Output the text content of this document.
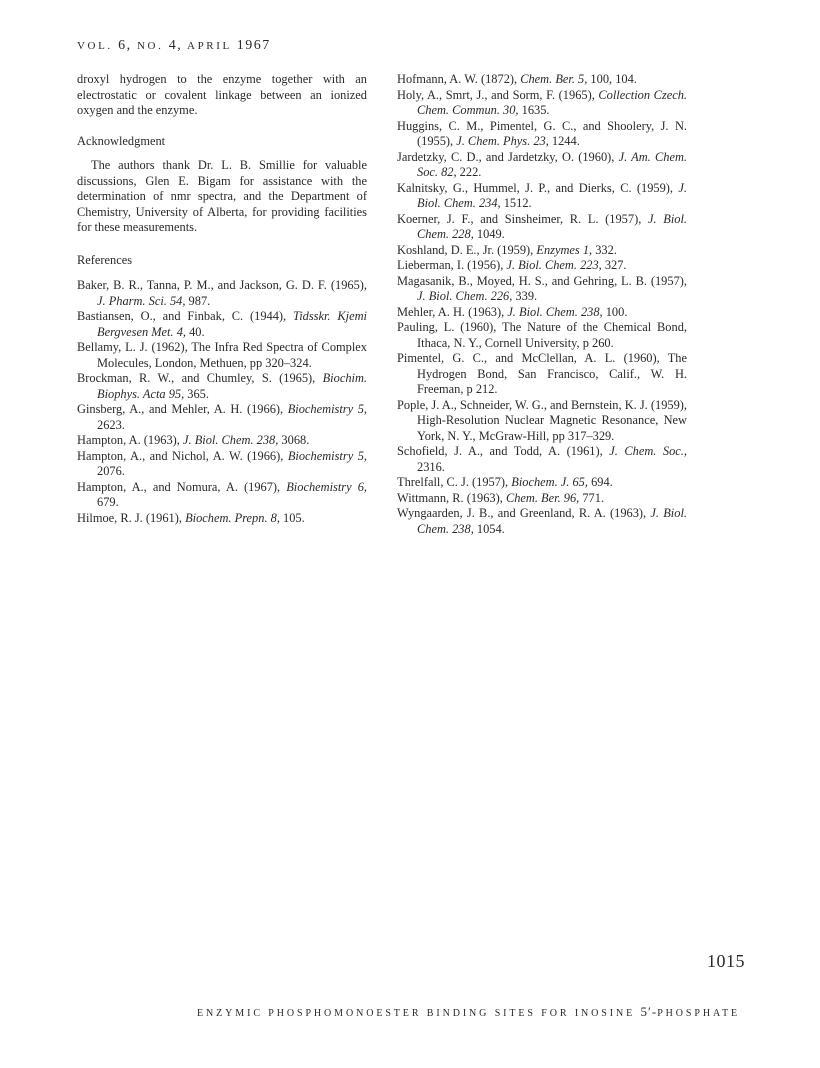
VOL. 6, NO. 4, APRIL 1967

droxyl hydrogen to the enzyme together with an electrostatic or covalent linkage between an ionized oxygen and the enzyme.

Acknowledgment

The authors thank Dr. L. B. Smillie for valuable discussions, Glen E. Bigam for assistance with the determination of nmr spectra, and the Department of Chemistry, University of Alberta, for providing facilities for these measurements.

References

Baker, B. R., Tanna, P. M., and Jackson, G. D. F. (1965), J. Pharm. Sci. 54, 987.

Bastiansen, O., and Finbak, C. (1944), Tidsskr. Kjemi Bergvesen Met. 4, 40.

Bellamy, L. J. (1962), The Infra Red Spectra of Complex Molecules, London, Methuen, pp 320–324.

Brockman, R. W., and Chumley, S. (1965), Biochim. Biophys. Acta 95, 365.

Ginsberg, A., and Mehler, A. H. (1966), Biochemistry 5, 2623.

Hampton, A. (1963), J. Biol. Chem. 238, 3068.

Hampton, A., and Nichol, A. W. (1966), Biochemistry 5, 2076.

Hampton, A., and Nomura, A. (1967), Biochemistry 6, 679.

Hilmoe, R. J. (1961), Biochem. Prepn. 8, 105.

Hofmann, A. W. (1872), Chem. Ber. 5, 100, 104.

Holy, A., Smrt, J., and Sorm, F. (1965), Collection Czech. Chem. Commun. 30, 1635.

Huggins, C. M., Pimentel, G. C., and Shoolery, J. N. (1955), J. Chem. Phys. 23, 1244.

Jardetzky, C. D., and Jardetzky, O. (1960), J. Am. Chem. Soc. 82, 222.

Kalnitsky, G., Hummel, J. P., and Dierks, C. (1959), J. Biol. Chem. 234, 1512.

Koerner, J. F., and Sinsheimer, R. L. (1957), J. Biol. Chem. 228, 1049.

Koshland, D. E., Jr. (1959), Enzymes 1, 332.

Lieberman, I. (1956), J. Biol. Chem. 223, 327.

Magasanik, B., Moyed, H. S., and Gehring, L. B. (1957), J. Biol. Chem. 226, 339.

Mehler, A. H. (1963), J. Biol. Chem. 238, 100.

Pauling, L. (1960), The Nature of the Chemical Bond, Ithaca, N. Y., Cornell University, p 260.

Pimentel, G. C., and McClellan, A. L. (1960), The Hydrogen Bond, San Francisco, Calif., W. H. Freeman, p 212.

Pople, J. A., Schneider, W. G., and Bernstein, K. J. (1959), High-Resolution Nuclear Magnetic Resonance, New York, N. Y., McGraw-Hill, pp 317–329.

Schofield, J. A., and Todd, A. (1961), J. Chem. Soc., 2316.

Threlfall, C. J. (1957), Biochem. J. 65, 694.

Wittmann, R. (1963), Chem. Ber. 96, 771.

Wyngaarden, J. B., and Greenland, R. A. (1963), J. Biol. Chem. 238, 1054.

1015
ENZYMIC PHOSPHOMONOESTER BINDING SITES FOR INOSINE 5′-PHOSPHATE
